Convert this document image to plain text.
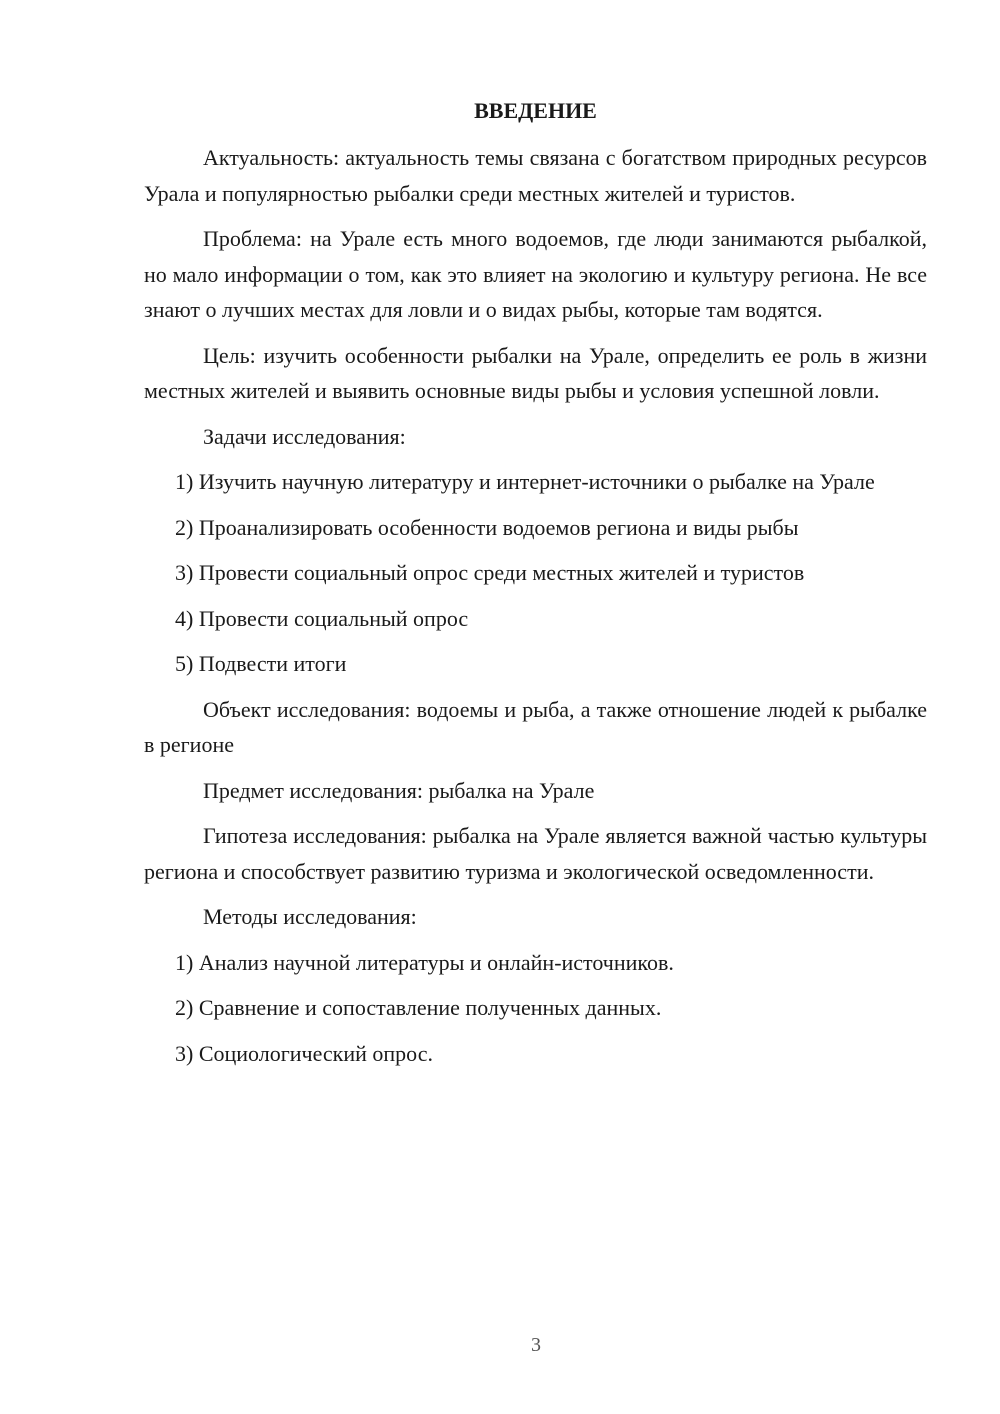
ВВЕДЕНИЕ

Актуальность: актуальность темы связана с богатством природных ресурсов Урала и популярностью рыбалки среди местных жителей и туристов.

Проблема: на Урале есть много водоемов, где люди занимаются рыбалкой, но мало информации о том, как это влияет на экологию и культуру региона. Не все знают о лучших местах для ловли и о видах рыбы, которые там водятся.

Цель: изучить особенности рыбалки на Урале, определить ее роль в жизни местных жителей и выявить основные виды рыбы и условия успешной ловли.

Задачи исследования:

1) Изучить научную литературу и интернет-источники о рыбалке на Урале

2) Проанализировать особенности водоемов региона и виды рыбы

3) Провести социальный опрос среди местных жителей и туристов

4) Провести социальный опрос

5) Подвести итоги

Объект исследования: водоемы и рыба, а также отношение людей к рыбалке в регионе

Предмет исследования: рыбалка на Урале

Гипотеза исследования: рыбалка на Урале является важной частью культуры региона и способствует развитию туризма и экологической осведомленности.

Методы исследования:

1) Анализ научной литературы и онлайн-источников.

2) Сравнение и сопоставление полученных данных.

3) Социологический опрос.

3
